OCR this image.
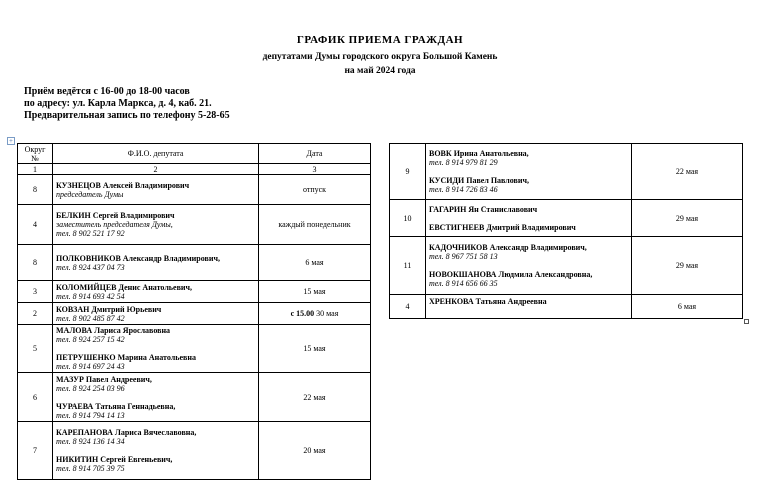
ГРАФИК ПРИЕМА ГРАЖДАН
депутатами Думы городского округа Большой Камень
на май 2024 года
Приём ведётся с 16-00 до 18-00 часов
по адресу: ул. Карла Маркса, д. 4, каб. 21.
Предварительная запись по телефону 5-28-65
+
Округ №	Ф.И.О. депутата	Дата
1	2	3
8	КУЗНЕЦОВ Алексей Владимирович
председатель Думы	отпуск
4	БЕЛКИН Сергей Владимирович
заместитель председателя Думы,
тел. 8 902 521 17 92	каждый понедельник
8	ПОЛКОВНИКОВ Александр Владимирович,
тел. 8 924 437 04 73	6 мая
3	КОЛОМИЙЦЕВ Денис Анатольевич,
тел. 8 914 693 42 54	15 мая
2	КОВЗАН Дмитрий Юрьевич
тел. 8 902 485 87 42	с 15.00 30 мая
5	МАЛОВА Лариса Ярославовна
тел. 8 924 257 15 42
ПЕТРУШЕНКО Марина Анатольевна
тел. 8 914 697 24 43	15 мая
6	МАЗУР Павел Андреевич,
тел. 8 924 254 03 96
ЧУРАЕВА Татьяна Геннадьевна,
тел. 8 914 794 14 13	22 мая
7	КАРЕПАНОВА Лариса Вячеславовна,
тел. 8 924 136 14 34
НИКИТИН Сергей Евгеньевич,
тел. 8 914 705 39 75	20 мая
9	ВОВК Ирина Анатольевна,
тел. 8 914 979 81 29
КУСИДИ Павел Павлович,
тел. 8 914 726 83 46	22 мая
10	ГАГАРИН Ян Станиславович
ЕВСТИГНЕЕВ Дмитрий Владимирович	29 мая
11	КАДОЧНИКОВ Александр Владимирович,
тел. 8 967 751 58 13
НОВОКШАНОВА Людмила Александровна,
тел. 8 914 656 66 35	29 мая
4	ХРЕНКОВА Татьяна Андреевна	6 мая
